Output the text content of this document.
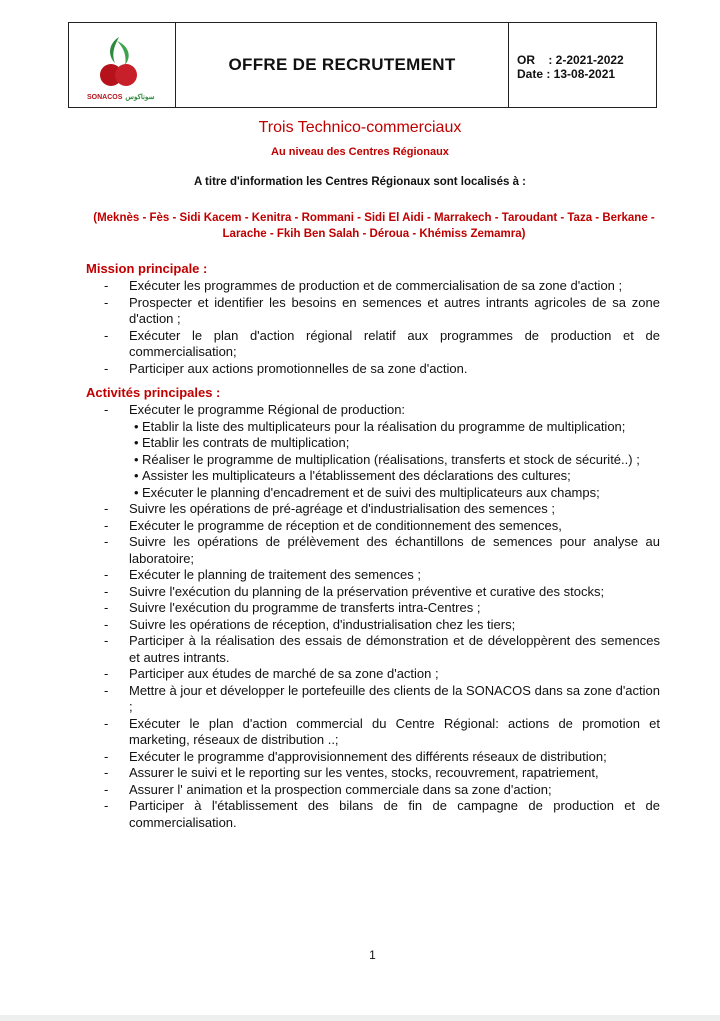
SONACOS سوناكوس
OFFRE DE RECRUTEMENT	OR    : 2-2021-2022
Date : 13-08-2021
Trois Technico-commerciaux
Au niveau des Centres Régionaux
A titre d'information les Centres Régionaux sont localisés à :
(Meknès - Fès - Sidi Kacem - Kenitra - Rommani - Sidi El Aidi - Marrakech - Taroudant - Taza - Berkane - Larache - Fkih Ben Salah - Déroua - Khémiss Zemamra)
Mission principale :
- Exécuter les programmes de production et de commercialisation de sa zone d'action ;
- Prospecter et identifier les besoins en semences et autres intrants agricoles de sa zone d'action ;
- Exécuter le plan d'action régional relatif aux programmes de production et de commercialisation;
- Participer aux actions promotionnelles de sa zone d'action.
Activités principales :
- Exécuter le programme Régional de production:
• Etablir la liste des multiplicateurs pour la réalisation du programme de multiplication;
• Etablir les contrats de multiplication;
• Réaliser le programme de multiplication (réalisations, transferts et stock de sécurité..) ;
• Assister les multiplicateurs a l'établissement des déclarations des cultures;
• Exécuter le planning d'encadrement et de suivi des multiplicateurs aux champs;
- Suivre les opérations de pré-agréage et d'industrialisation des semences ;
- Exécuter le programme de réception et de conditionnement des semences,
- Suivre les opérations de prélèvement des échantillons de semences pour analyse au laboratoire;
- Exécuter le planning de traitement des semences ;
- Suivre l'exécution du planning de la préservation préventive et curative des stocks;
- Suivre l'exécution du programme de transferts intra-Centres ;
- Suivre les opérations de réception, d'industrialisation chez les tiers;
- Participer à la réalisation des essais de démonstration et de développèrent des semences et autres intrants.
- Participer aux études de marché de sa zone d'action ;
- Mettre à jour et développer le portefeuille des clients de la SONACOS dans sa zone d'action ;
- Exécuter le plan d'action commercial du Centre Régional: actions de promotion et marketing, réseaux de distribution ..;
- Exécuter le programme d'approvisionnement des différents réseaux de distribution;
- Assurer le suivi et le reporting sur les ventes, stocks, recouvrement, rapatriement,
- Assurer l' animation et la prospection commerciale dans sa zone d'action;
- Participer à l'établissement des bilans de fin de campagne de production et de commercialisation.
1
